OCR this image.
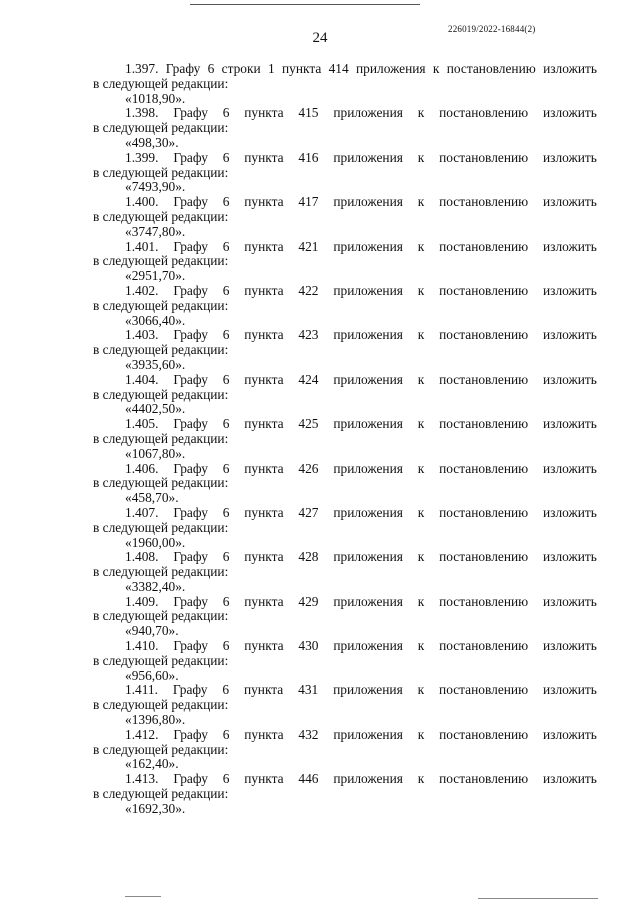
24
226019/2022-16844(2)
1.397. Графу 6 строки 1 пункта 414 приложения к постановлению изложить
в следующей редакции:
«1018,90».
1.398. Графу 6 пункта 415 приложения к постановлению изложить
в следующей редакции:
«498,30».
1.399. Графу 6 пункта 416 приложения к постановлению изложить
в следующей редакции:
«7493,90».
1.400. Графу 6 пункта 417 приложения к постановлению изложить
в следующей редакции:
«3747,80».
1.401. Графу 6 пункта 421 приложения к постановлению изложить
в следующей редакции:
«2951,70».
1.402. Графу 6 пункта 422 приложения к постановлению изложить
в следующей редакции:
«3066,40».
1.403. Графу 6 пункта 423 приложения к постановлению изложить
в следующей редакции:
«3935,60».
1.404. Графу 6 пункта 424 приложения к постановлению изложить
в следующей редакции:
«4402,50».
1.405. Графу 6 пункта 425 приложения к постановлению изложить
в следующей редакции:
«1067,80».
1.406. Графу 6 пункта 426 приложения к постановлению изложить
в следующей редакции:
«458,70».
1.407. Графу 6 пункта 427 приложения к постановлению изложить
в следующей редакции:
«1960,00».
1.408. Графу 6 пункта 428 приложения к постановлению изложить
в следующей редакции:
«3382,40».
1.409. Графу 6 пункта 429 приложения к постановлению изложить
в следующей редакции:
«940,70».
1.410. Графу 6 пункта 430 приложения к постановлению изложить
в следующей редакции:
«956,60».
1.411. Графу 6 пункта 431 приложения к постановлению изложить
в следующей редакции:
«1396,80».
1.412. Графу 6 пункта 432 приложения к постановлению изложить
в следующей редакции:
«162,40».
1.413. Графу 6 пункта 446 приложения к постановлению изложить
в следующей редакции:
«1692,30».
